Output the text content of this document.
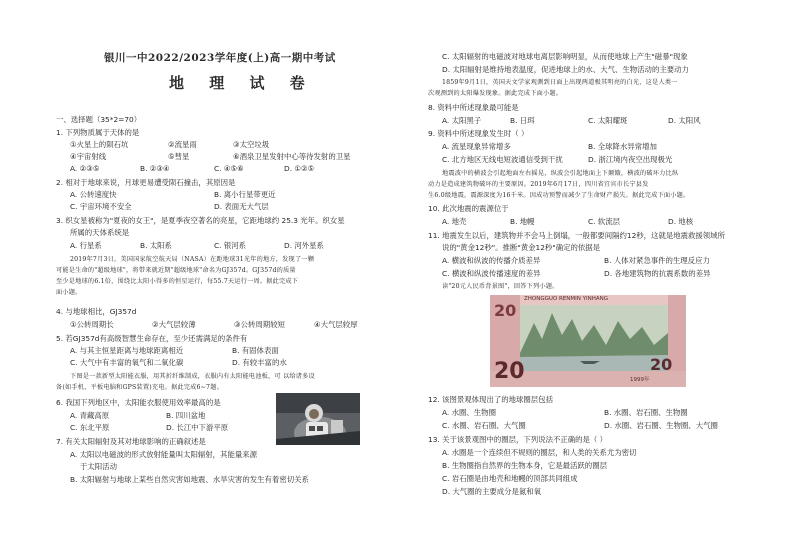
银川一中2022/2023学年度(上)高一期中考试
地 理 试 卷
一、选择题（35*2=70）
1. 下列物质属于天体的是
①火星上的陨石坑	②流星雨	③太空垃圾
④宇宙射线	⑤彗星	⑥酒泉卫星发射中心等待发射的卫星
A. ②③⑤	B. ②③④	C. ④⑤⑥	D. ①②⑤
2. 相对于地球来说，月球更易遭受陨石撞击，其原因是
A. 公转速度快	B. 离小行星带更近
C. 宇宙环境不安全	D. 表面无大气层
3. 织女星被称为"夏夜的女王"，是夏季夜空著名的亮星，它距地球约 25.3 光年。织女星
所属的天体系统是
A. 行星系	B. 太阳系	C. 银河系	D. 河外星系
2019年7月3日，美国国家航空航天局（NASA）在距地球31光年的地方，发现了一颗
可能是生命的"超级地球"，将带来就近期"超级地球"命名为GJ357d。GJ357d的质量
至少是地球的6.1倍，围绕比太阳小得多的恒星运行，每55.7天运行一周。据此完成下
面小题。
4. 与地球相比，GJ357d
①公转周期长	②大气层较薄	③公转周期较短	④大气层较厚
5. 若GJ357d有高级智慧生命存在，至少还需满足的条件有
A. 与其主恒星距离与地球距离相近	B. 有固体表面
C. 大气中有丰富的氧气和二氧化碳	D. 有较丰富的水
下图是一款新型太阳能衣服，用其折纤维制成，衣服内有太阳能电池板，可 以给诸多设
备(如手机、平板电脑和GPS装置)充电。据此完成6~7题。
6. 我国下列地区中，太阳能衣服使用效率最高的是
A. 青藏高原	B. 四川盆地
C. 东北平原	D. 长江中下游平原
7. 有关太阳辐射及其对地球影响的正确叙述是
A. 太阳以电磁波的形式放射能量叫太阳辐射，其能量来源
于太阳活动
B. 太阳辐射与地球上某些自然灾害如地震、水旱灾害的发生有着密切关系
C. 太阳辐射的电磁波对地球电离层影响明显，从而使地球上产生"磁暴"现象
D. 太阳辐射是维持地表温度，促进地球上的水、大气、生物活动的主要动力
1859年9月1日，英国天文学家观测到日面上出现两道极其明亮的白光，这是人类一
次观测到的太阳爆发现象。据此完成下面小题。
8. 资料中所述现象最可能是
A. 太阳黑子	B. 日珥	C. 太阳耀斑	D. 太阳风
9. 资料中所述现象发生时（ ）
A. 流星现象异常增多	B. 全球降水异常增加
C. 北方地区无线电短波通信受到干扰	D. 浙江境内夜空出现极光
地震波中的横波会引起地面左右摇晃，纵波会引起地面上下颠簸，横波的破坏力比纵
动力是造成建筑物破坏的主要原因。2019年6月17日，四川省宜宾市长宁县发
生6.0级地震，震源深度为16千米。因成功预警而减少了生命财产损失。据此完成下面小题。
10. 此次地震的震源位于
A. 地壳	B. 地幔	C. 软流层	D. 地核
11. 地震发生以后，建筑物并不会马上倒塌，一般都要间隔约12秒，这就是地震救援领域所
说的"黄金12秒"。推断"黄金12秒"确定的依据是
A. 横波和纵波的传播介质差异	B. 人体对紧急事件的生理反应力
C. 横波和纵波传播速度的差异	D. 各地建筑物的抗震系数的差异
读"20元人民币背景图"，回答下列小题。
20
20
ZHONGGUO RENMIN YINHANG
1999年
20
12. 该图景观体现出了的地球圈层包括
A. 水圈、生物圈	B. 水圈、岩石圈、生物圈
C. 水圈、岩石圈、大气圈	D. 水圈、岩石圈、生物圈、大气圈
13. 关于该景观图中的圈层，下列说法不正确的是（ ）
A. 水圈是一个连续但不规则的圈层，和人类的关系尤为密切
B. 生物圈指自然界的生物本身，它是最活跃的圈层
C. 岩石圈是由地壳和地幔的顶部共同组成
D. 大气圈的主要成分是氮和氧
